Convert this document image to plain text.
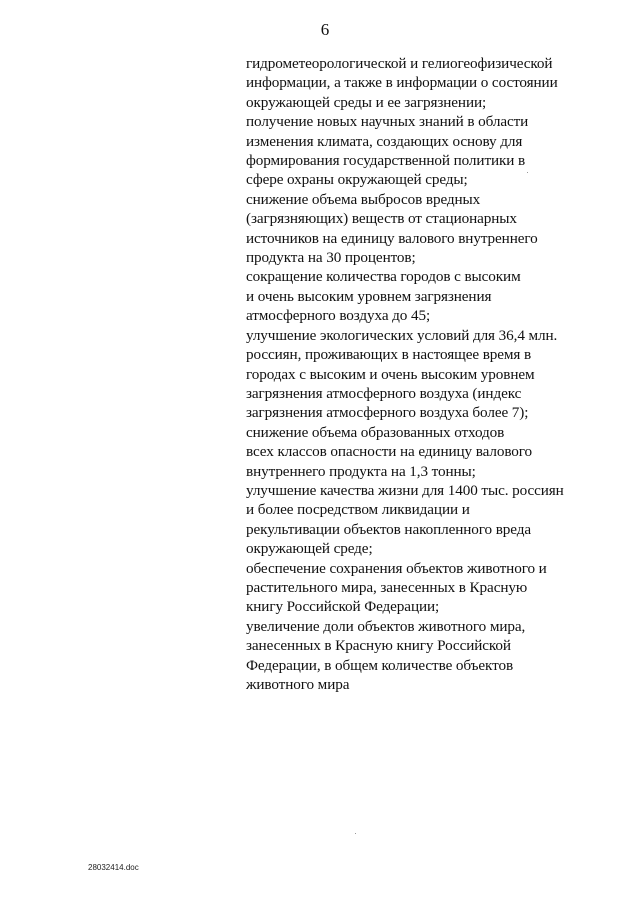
6
гидрометеорологической и гелиогеофизической
информации, а также в информации о состоянии
окружающей среды и ее загрязнении;
получение новых научных знаний в области
изменения климата, создающих основу для
формирования государственной политики в
сфере охраны окружающей среды;
снижение объема выбросов вредных
(загрязняющих) веществ от стационарных
источников на единицу валового внутреннего
продукта на 30 процентов;
сокращение количества городов с высоким
и очень высоким уровнем загрязнения
атмосферного воздуха до 45;
улучшение экологических условий для 36,4 млн.
россиян, проживающих в настоящее время в
городах с высоким и очень высоким уровнем
загрязнения атмосферного воздуха (индекс
загрязнения атмосферного воздуха более 7);
снижение объема образованных отходов
всех классов опасности на единицу валового
внутреннего продукта на 1,3 тонны;
улучшение качества жизни для 1400 тыс. россиян
и более посредством ликвидации и
рекультивации объектов накопленного вреда
окружающей среде;
обеспечение сохранения объектов животного и
растительного мира, занесенных в Красную
книгу Российской Федерации;
увеличение доли объектов животного мира,
занесенных в Красную книгу Российской
Федерации, в общем количестве объектов
животного мира
28032414.doc
